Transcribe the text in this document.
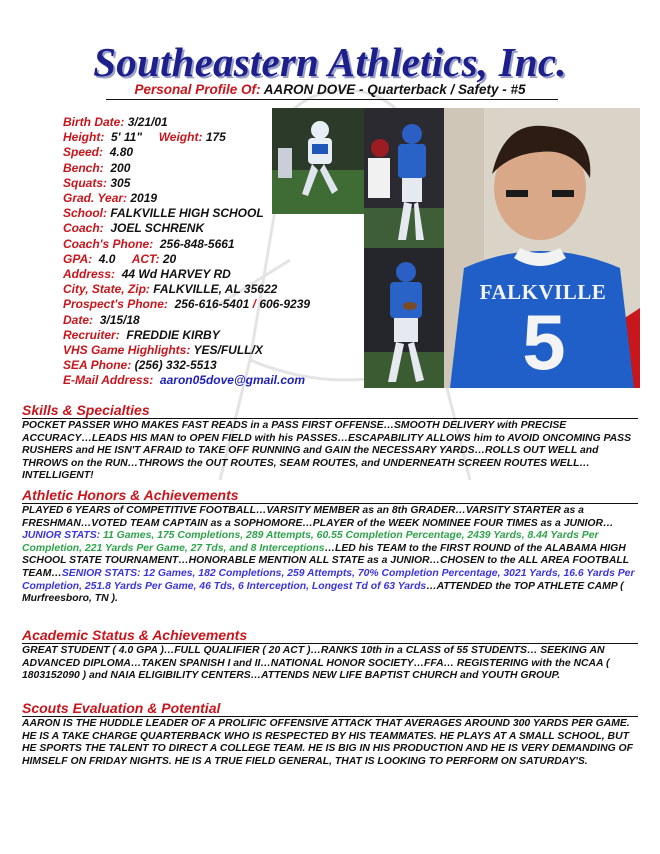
Southeastern Athletics, Inc.
Personal Profile Of: AARON DOVE - Quarterback / Safety - #5
Birth Date: 3/21/01
Height: 5' 11" Weight: 175
Speed: 4.80
Bench: 200
Squats: 305
Grad. Year: 2019
School: FALKVILLE HIGH SCHOOL
Coach: JOEL SCHRENK
Coach's Phone: 256-848-5661
GPA: 4.0 ACT: 20
Address: 44 Wd HARVEY RD
City, State, Zip: FALKVILLE, AL 35622
Prospect's Phone: 256-616-5401 / 606-9239
Date: 3/15/18
Recruiter: FREDDIE KIRBY
VHS Game Highlights: YES/FULL/X
SEA Phone: (256) 332-5513
E-Mail Address: aaron05dove@gmail.com
FALKVILLE
5
Skills & Specialties
POCKET PASSER WHO MAKES FAST READS in a PASS FIRST OFFENSE…SMOOTH DELIVERY with PRECISE ACCURACY…LEADS HIS MAN to OPEN FIELD with his PASSES…ESCAPABILITY ALLOWS him to AVOID ONCOMING PASS RUSHERS and HE ISN'T AFRAID to TAKE OFF RUNNING and GAIN the NECESSARY YARDS…ROLLS OUT WELL and THROWS on the RUN…THROWS the OUT ROUTES, SEAM ROUTES, and UNDERNEATH SCREEN ROUTES WELL…INTELLIGENT!
Athletic Honors & Achievements
PLAYED 6 YEARS of COMPETITIVE FOOTBALL…VARSITY MEMBER as an 8th GRADER…VARSITY STARTER as a FRESHMAN…VOTED TEAM CAPTAIN as a SOPHOMORE…PLAYER of the WEEK NOMINEE FOUR TIMES as a JUNIOR…JUNIOR STATS: 11 Games, 175 Completions, 289 Attempts, 60.55 Completion Percentage, 2439 Yards, 8.44 Yards Per Completion, 221 Yards Per Game, 27 Tds, and 8 Interceptions…LED his TEAM to the FIRST ROUND of the ALABAMA HIGH SCHOOL STATE TOURNAMENT…HONORABLE MENTION ALL STATE as a JUNIOR…CHOSEN to the ALL AREA FOOTBALL TEAM…SENIOR STATS: 12 Games, 182 Completions, 259 Attempts, 70% Completion Percentage, 3021 Yards, 16.6 Yards Per Completion, 251.8 Yards Per Game, 46 Tds, 6 Interception, Longest Td of 63 Yards…ATTENDED the TOP ATHLETE CAMP ( Murfreesboro, TN ).
Academic Status & Achievements
GREAT STUDENT ( 4.0 GPA )…FULL QUALIFIER ( 20 ACT )…RANKS 10th in a CLASS of 55 STUDENTS… SEEKING AN ADVANCED DIPLOMA…TAKEN SPANISH I and II…NATIONAL HONOR SOCIETY…FFA… REGISTERING with the NCAA ( 1803152090 ) and NAIA ELIGIBILITY CENTERS…ATTENDS NEW LIFE BAPTIST CHURCH and YOUTH GROUP.
Scouts Evaluation & Potential
AARON IS THE HUDDLE LEADER OF A PROLIFIC OFFENSIVE ATTACK THAT AVERAGES AROUND 300 YARDS PER GAME. HE IS A TAKE CHARGE QUARTERBACK WHO IS RESPECTED BY HIS TEAMMATES. HE PLAYS AT A SMALL SCHOOL, BUT HE SPORTS THE TALENT TO DIRECT A COLLEGE TEAM. HE IS BIG IN HIS PRODUCTION AND HE IS VERY DEMANDING OF HIMSELF ON FRIDAY NIGHTS. HE IS A TRUE FIELD GENERAL, THAT IS LOOKING TO PERFORM ON SATURDAY'S.
